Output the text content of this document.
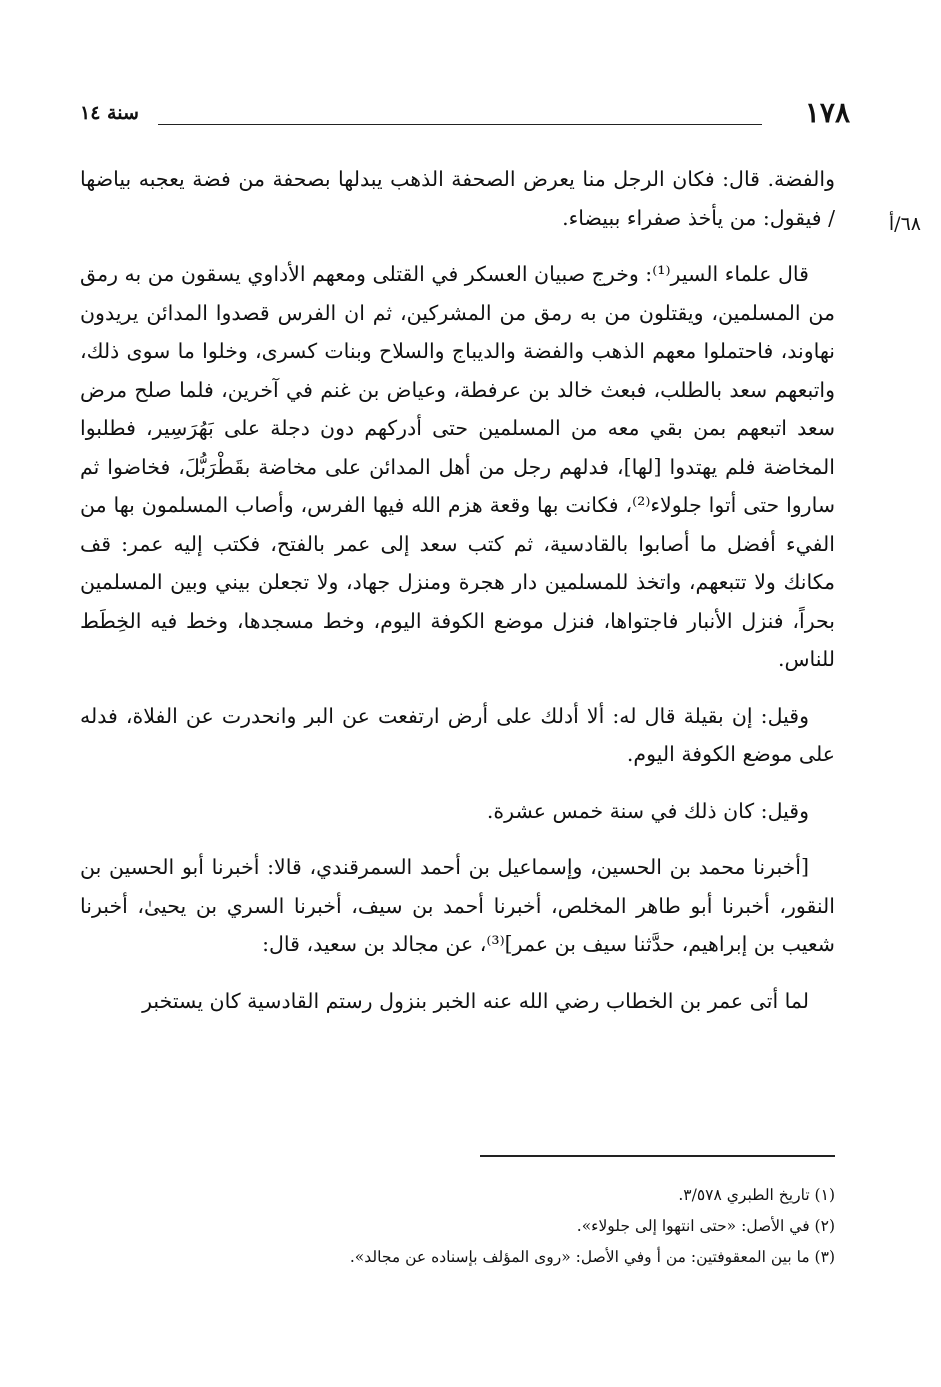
سنة ١٤	١٧٨
٦٨/أ

والفضة. قال: فكان الرجل منا يعرض الصحفة الذهب يبدلها بصحفة من فضة يعجبه بياضها / فيقول: من يأخذ صفراء ببيضاء.

قال علماء السير⁽¹⁾: وخرج صبيان العسكر في القتلى ومعهم الأداوي يسقون من به رمق من المسلمين، ويقتلون من به رمق من المشركين، ثم ان الفرس قصدوا المدائن يريدون نهاوند، فاحتملوا معهم الذهب والفضة والديباج والسلاح وبنات كسرى، وخلوا ما سوى ذلك، واتبعهم سعد بالطلب، فبعث خالد بن عرفطة، وعياض بن غنم في آخرين، فلما صلح مرض سعد اتبعهم بمن بقي معه من المسلمين حتى أدركهم دون دجلة على بَهُرَسِير، فطلبوا المخاضة فلم يهتدوا [لها]، فدلهم رجل من أهل المدائن على مخاضة بقَطْرَبُّلَ، فخاضوا ثم ساروا حتى أتوا جلولاء⁽²⁾، فكانت بها وقعة هزم الله فيها الفرس، وأصاب المسلمون بها من الفيء أفضل ما أصابوا بالقادسية، ثم كتب سعد إلى عمر بالفتح، فكتب إليه عمر: قف مكانك ولا تتبعهم، واتخذ للمسلمين دار هجرة ومنزل جهاد، ولا تجعلن بيني وبين المسلمين بحراً، فنزل الأنبار فاجتواها، فنزل موضع الكوفة اليوم، وخط مسجدها، وخط فيه الخِطَط للناس.

وقيل: إن بقيلة قال له: ألا أدلك على أرض ارتفعت عن البر وانحدرت عن الفلاة، فدله على موضع الكوفة اليوم.

وقيل: كان ذلك في سنة خمس عشرة.

[أخبرنا محمد بن الحسين، وإسماعيل بن أحمد السمرقندي، قالا: أخبرنا أبو الحسين بن النقور، أخبرنا أبو طاهر المخلص، أخبرنا أحمد بن سيف، أخبرنا السري بن يحيىٰ، أخبرنا شعيب بن إبراهيم، حدَّثنا سيف بن عمر]⁽³⁾، عن مجالد بن سعيد، قال:

لما أتى عمر بن الخطاب رضي الله عنه الخبر بنزول رستم القادسية كان يستخبر

(١) تاريخ الطبري ٣/٥٧٨.

(٢) في الأصل: «حتى انتهوا إلى جلولاء».

(٣) ما بين المعقوفتين: من أ وفي الأصل: «روى المؤلف بإسناده عن مجالد».
